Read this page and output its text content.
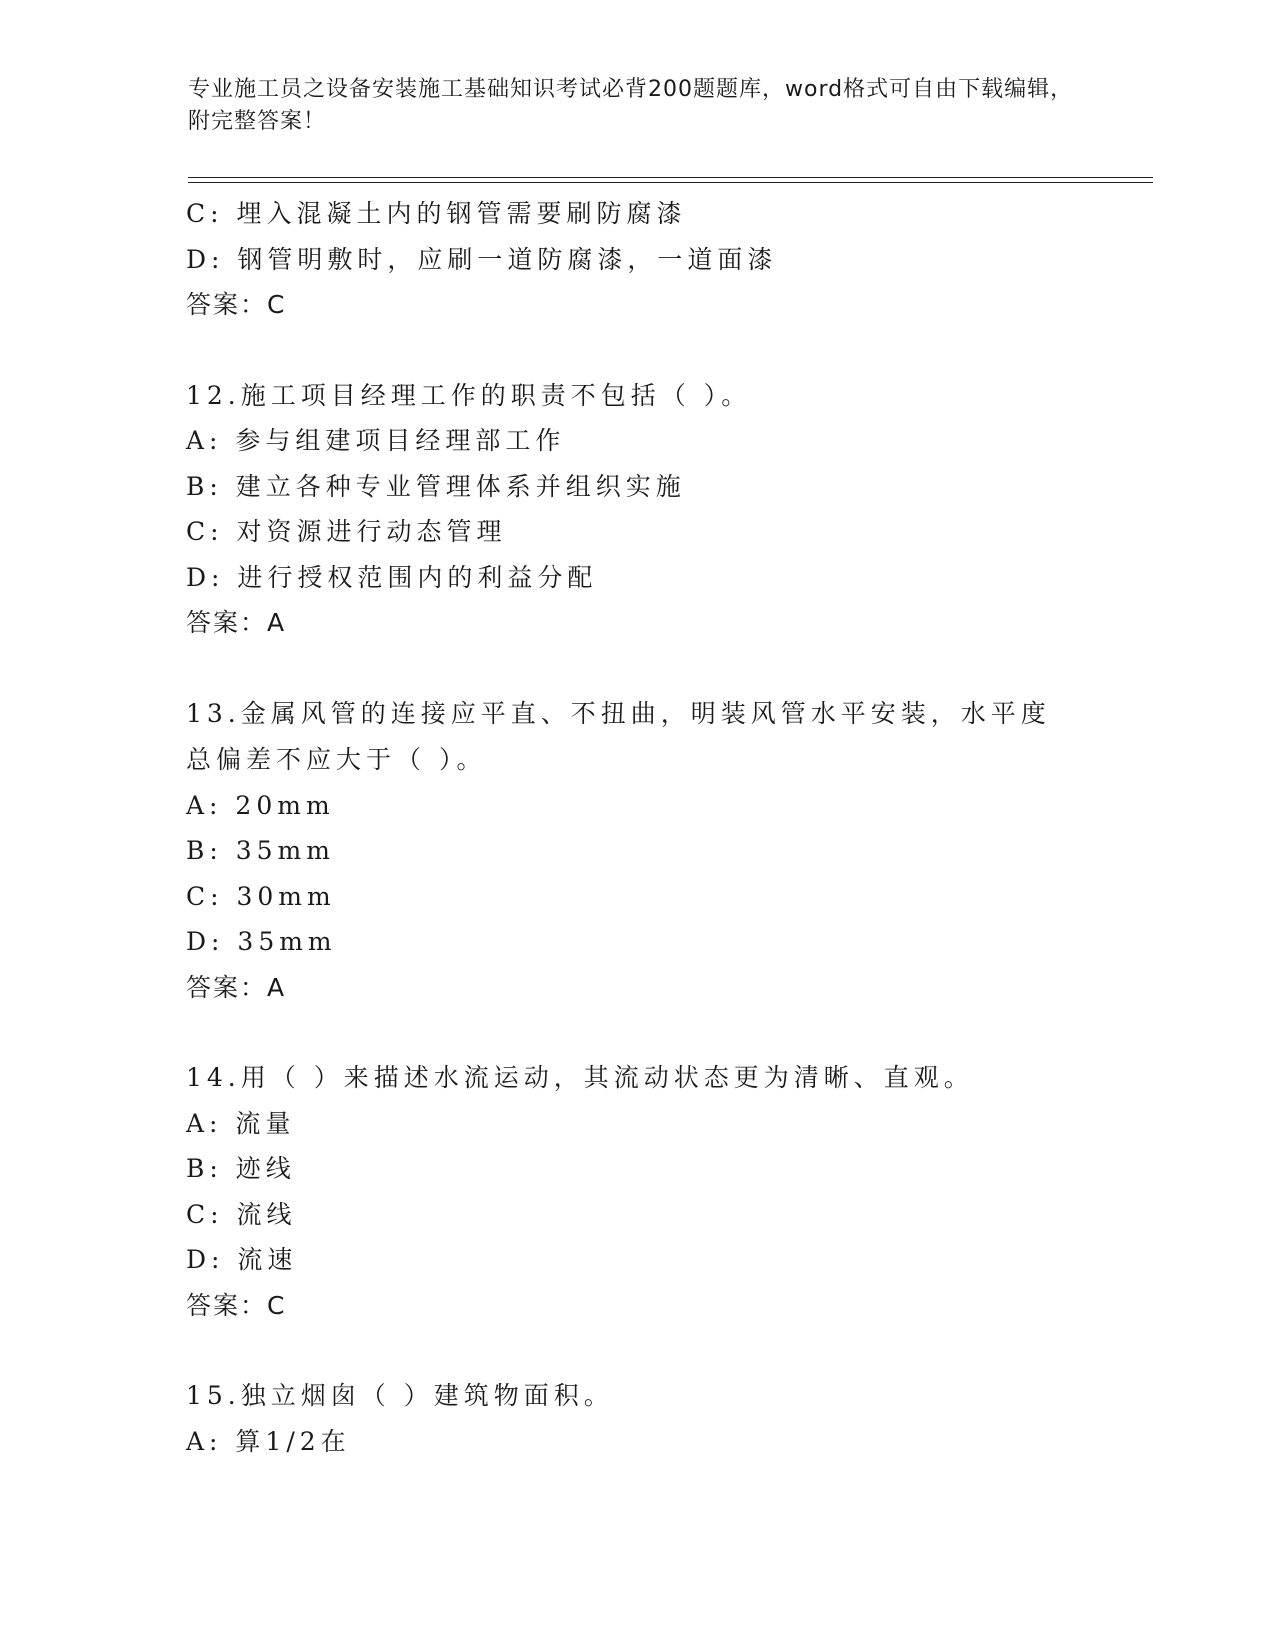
专业施工员之设备安装施工基础知识考试必背200题题库，word格式可自由下载编辑，附完整答案！
C: 埋入混凝土内的钢管需要刷防腐漆
D: 钢管明敷时，应刷一道防腐漆，一道面漆
答案：C
12.施工项目经理工作的职责不包括（ ）。
A: 参与组建项目经理部工作
B: 建立各种专业管理体系并组织实施
C: 对资源进行动态管理
D: 进行授权范围内的利益分配
答案：A
13.金属风管的连接应平直、不扭曲，明装风管水平安装，水平度总偏差不应大于（ ）。
A: 20mm
B: 35mm
C: 30mm
D: 35mm
答案：A
14.用（ ）来描述水流运动，其流动状态更为清晰、直观。
A: 流量
B: 迹线
C: 流线
D: 流速
答案：C
15.独立烟囱（ ）建筑物面积。
A: 算1/2在
